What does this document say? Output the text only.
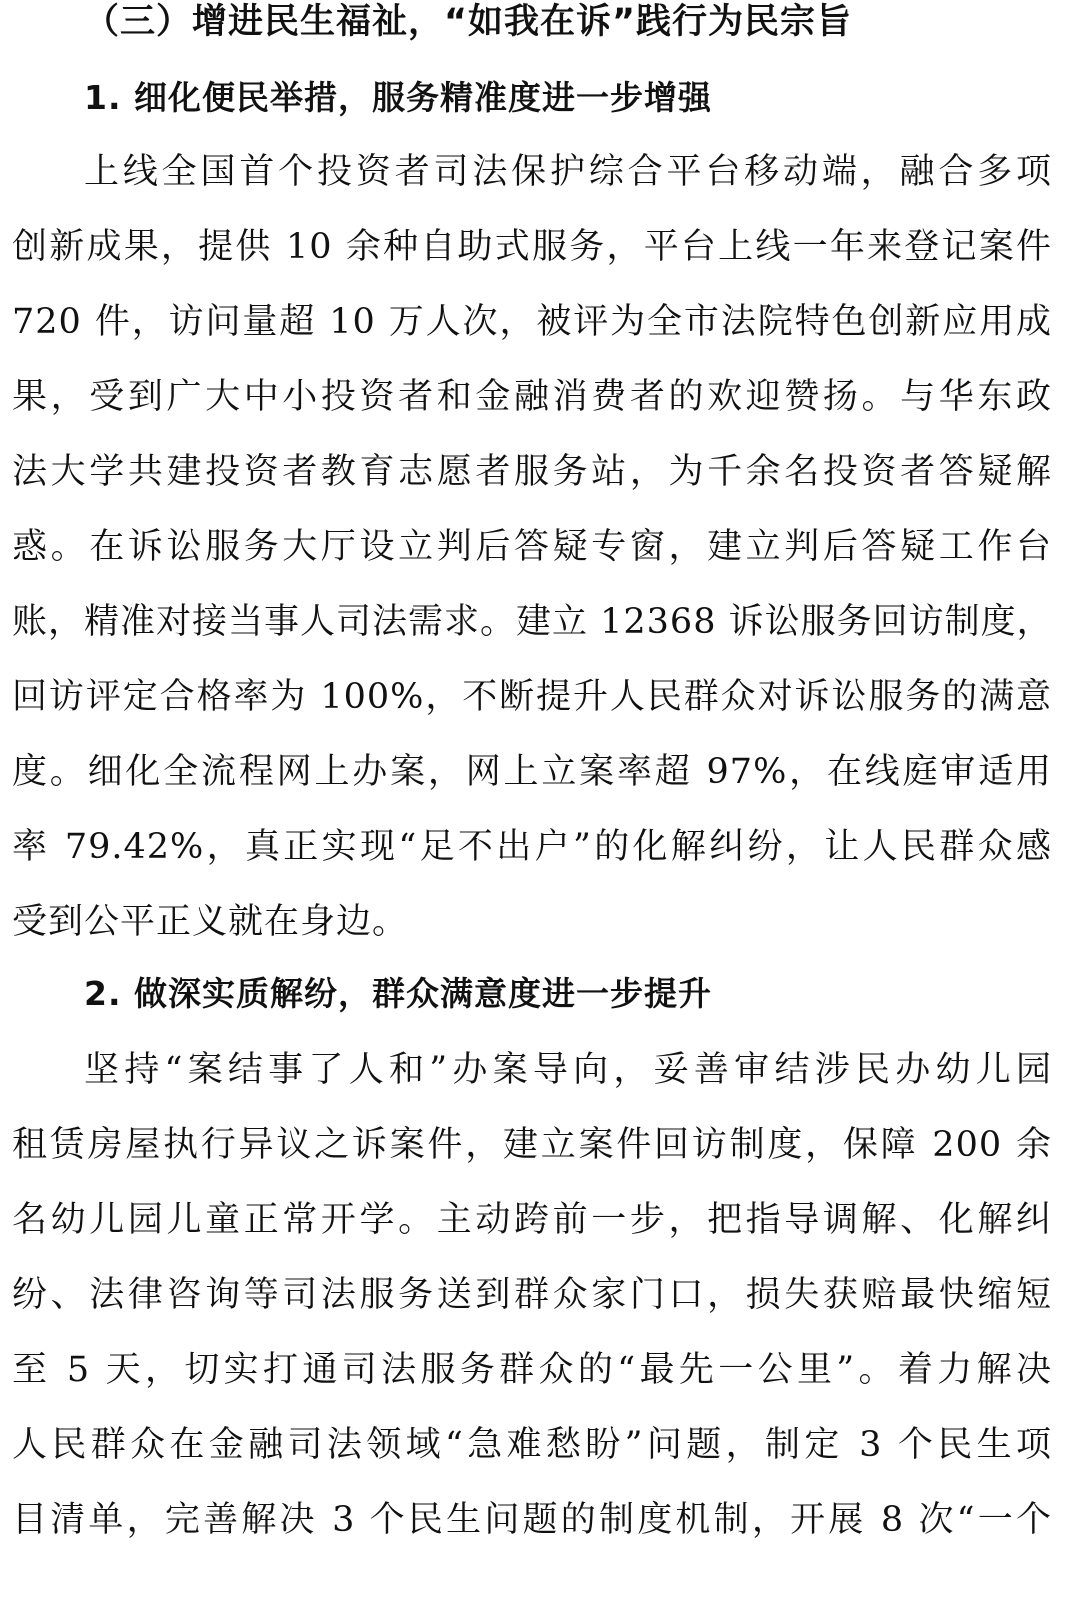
（三）增进民生福祉，“如我在诉”践行为民宗旨
1. 细化便民举措，服务精准度进一步增强
上线全国首个投资者司法保护综合平台移动端，融合多项
创新成果，提供 10 余种自助式服务，平台上线一年来登记案件
720 件，访问量超 10 万人次，被评为全市法院特色创新应用成
果，受到广大中小投资者和金融消费者的欢迎赞扬。与华东政
法大学共建投资者教育志愿者服务站，为千余名投资者答疑解
惑。在诉讼服务大厅设立判后答疑专窗，建立判后答疑工作台
账，精准对接当事人司法需求。建立 12368 诉讼服务回访制度，
回访评定合格率为 100%，不断提升人民群众对诉讼服务的满意
度。细化全流程网上办案，网上立案率超 97%，在线庭审适用
率 79.42%，真正实现“足不出户”的化解纠纷，让人民群众感
受到公平正义就在身边。
2. 做深实质解纷，群众满意度进一步提升
坚持“案结事了人和”办案导向，妥善审结涉民办幼儿园
租赁房屋执行异议之诉案件，建立案件回访制度，保障 200 余
名幼儿园儿童正常开学。主动跨前一步，把指导调解、化解纠
纷、法律咨询等司法服务送到群众家门口，损失获赔最快缩短
至 5 天，切实打通司法服务群众的“最先一公里”。着力解决
人民群众在金融司法领域“急难愁盼”问题，制定 3 个民生项
目清单，完善解决 3 个民生问题的制度机制，开展 8 次“一个
